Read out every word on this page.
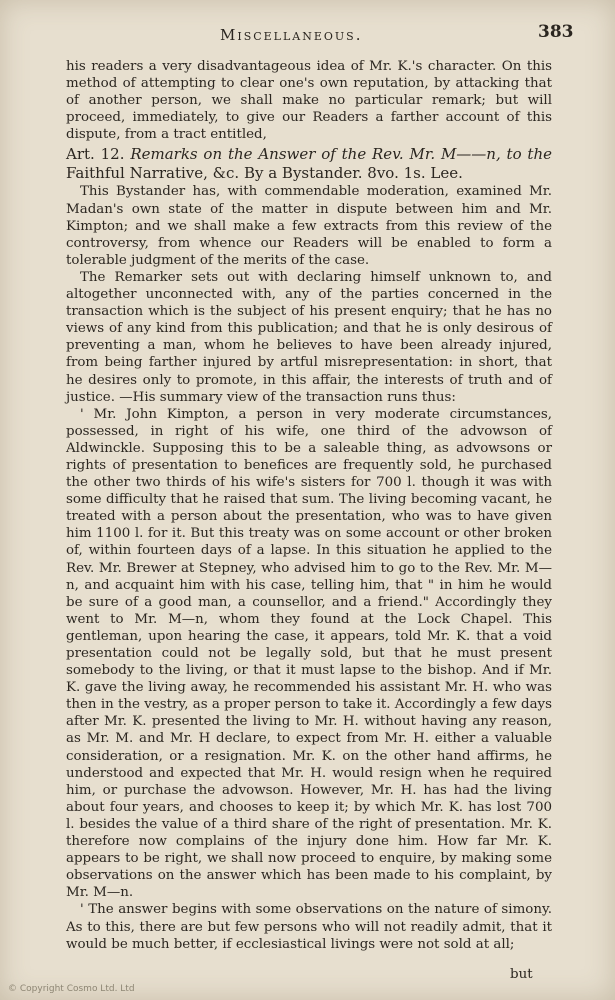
Miscellaneous.	383

his readers a very disadvantageous idea of Mr. K.'s character. On this method of attempting to clear one's own reputation, by attacking that of another person, we shall make no particular remark; but will proceed, immediately, to give our Readers a farther account of this dispute, from a tract entitled,

Art. 12. Remarks on the Answer of the Rev. Mr. M——n, to the Faithful Narrative, &c. By a Bystander. 8vo. 1s. Lee.

This Bystander has, with commendable moderation, examined Mr. Madan's own state of the matter in dispute between him and Mr. Kimpton; and we shall make a few extracts from this review of the controversy, from whence our Readers will be enabled to form a tolerable judgment of the merits of the case.

The Remarker sets out with declaring himself unknown to, and altogether unconnected with, any of the parties concerned in the transaction which is the subject of his present enquiry; that he has no views of any kind from this publication; and that he is only desirous of preventing a man, whom he believes to have been already injured, from being farther injured by artful misrepresentation: in short, that he desires only to promote, in this affair, the interests of truth and of justice. —His summary view of the transaction runs thus:

' Mr. John Kimpton, a person in very moderate circumstances, possessed, in right of his wife, one third of the advowson of Aldwinckle. Supposing this to be a saleable thing, as advowsons or rights of presentation to benefices are frequently sold, he purchased the other two thirds of his wife's sisters for 700 l. though it was with some difficulty that he raised that sum. The living becoming vacant, he treated with a person about the presentation, who was to have given him 1100 l. for it. But this treaty was on some account or other broken of, within fourteen days of a lapse. In this situation he applied to the Rev. Mr. Brewer at Stepney, who advised him to go to the Rev. Mr. M—n, and acquaint him with his case, telling him, that " in him he would be sure of a good man, a counsellor, and a friend." Accordingly they went to Mr. M—n, whom they found at the Lock Chapel. This gentleman, upon hearing the case, it appears, told Mr. K. that a void presentation could not be legally sold, but that he must present somebody to the living, or that it must lapse to the bishop. And if Mr. K. gave the living away, he recommended his assistant Mr. H. who was then in the vestry, as a proper person to take it. Accordingly a few days after Mr. K. presented the living to Mr. H. without having any reason, as Mr. M. and Mr. H declare, to expect from Mr. H. either a valuable consideration, or a resignation. Mr. K. on the other hand affirms, he understood and expected that Mr. H. would resign when he required him, or purchase the advowson. However, Mr. H. has had the living about four years, and chooses to keep it; by which Mr. K. has lost 700 l. besides the value of a third share of the right of presentation. Mr. K. therefore now complains of the injury done him. How far Mr. K. appears to be right, we shall now proceed to enquire, by making some observations on the answer which has been made to his complaint, by Mr. M—n.

' The answer begins with some observations on the nature of simony. As to this, there are but few persons who will not readily admit, that it would be much better, if ecclesiastical livings were not sold at all;

but
© Copyright Cosmo Ltd. Ltd
